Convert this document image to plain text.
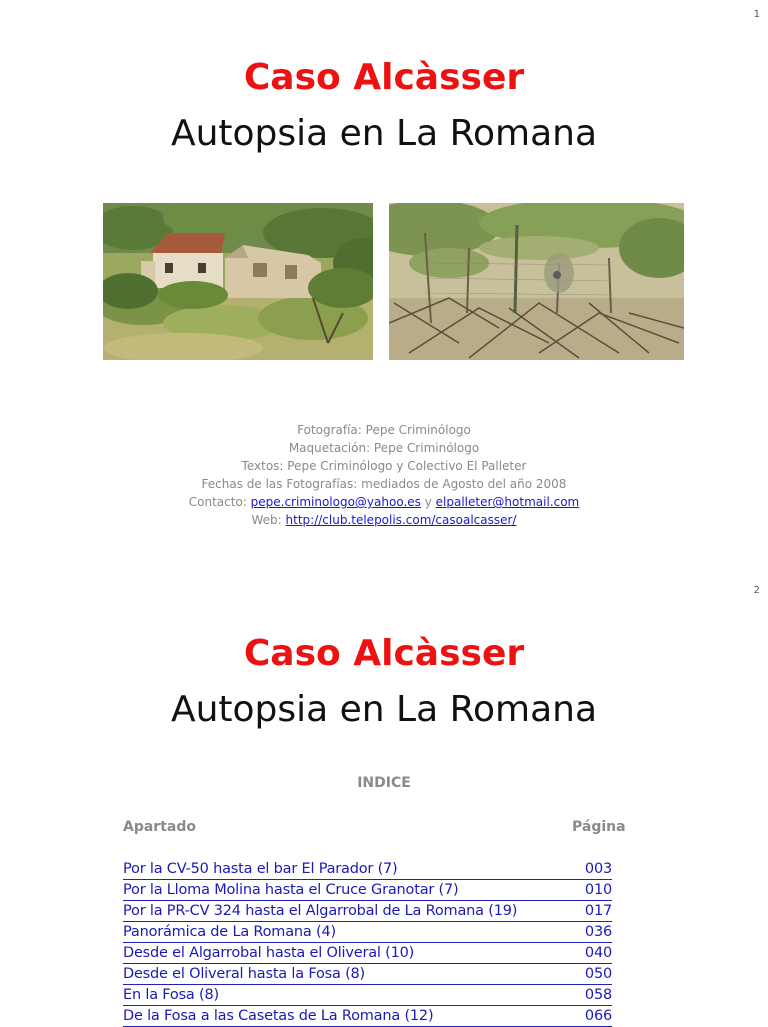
1
Caso Alcàsser
Autopsia en La Romana
Fotografía: Pepe Criminólogo
Maquetación: Pepe Criminólogo
Textos: Pepe Criminólogo y Colectivo El Palleter
Fechas de las Fotografías: mediados de Agosto del año 2008
Contacto: pepe.criminologo@yahoo.es y elpalleter@hotmail.com
Web: http://club.telepolis.com/casoalcasser/
2
Caso Alcàsser
Autopsia en La Romana
INDICE
Apartado	Página
Por la CV-50 hasta el bar El Parador (7)	003
Por la Lloma Molina hasta el Cruce Granotar (7)	010
Por la PR-CV 324 hasta el Algarrobal de La Romana (19)	017
Panorámica de La Romana (4)	036
Desde el Algarrobal hasta el Oliveral (10)	040
Desde el Oliveral hasta la Fosa (8)	050
En la Fosa (8)	058
De la Fosa a las Casetas de La Romana (12)	066
